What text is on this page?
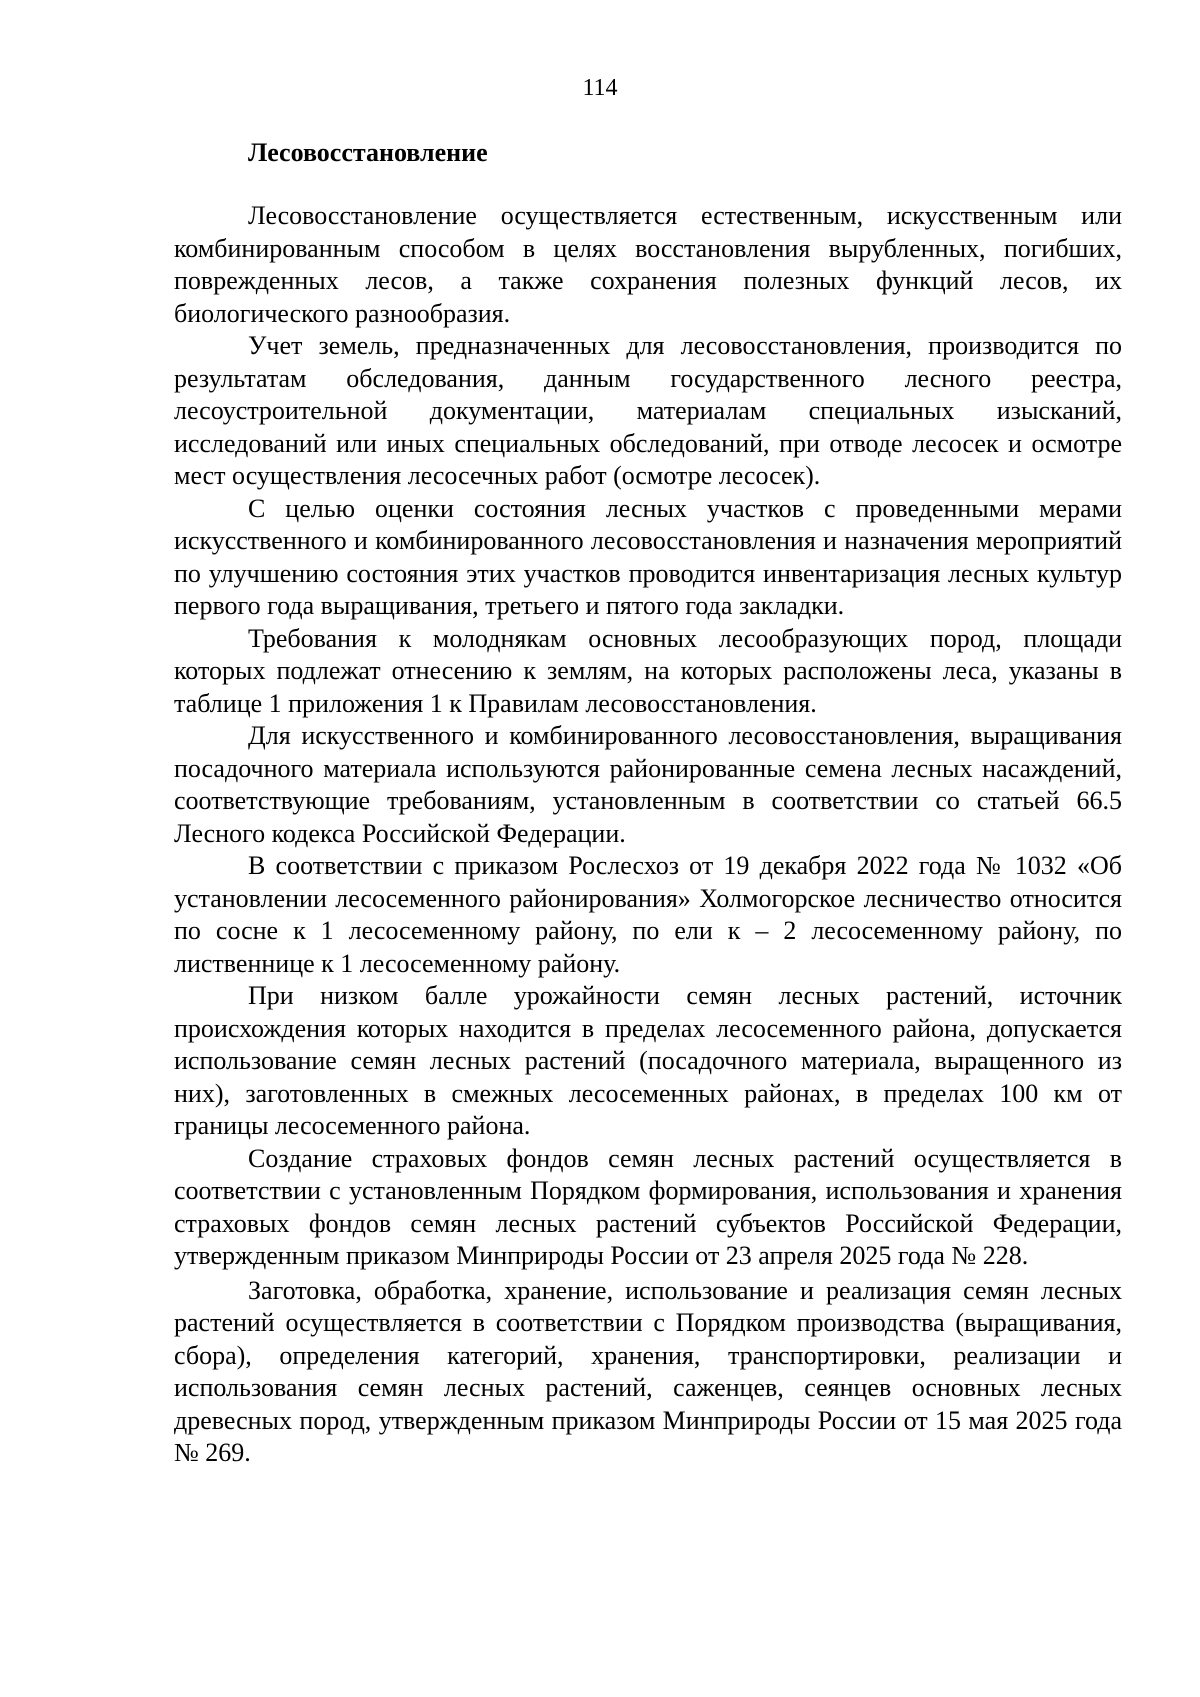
114
Лесовосстановление

Лесовосстановление осуществляется естественным, искусственным или комбинированным способом в целях восстановления вырубленных, погибших, поврежденных лесов, а также сохранения полезных функций лесов, их биологического разнообразия.

Учет земель, предназначенных для лесовосстановления, производится по результатам обследования, данным государственного лесного реестра, лесоустроительной документации, материалам специальных изысканий, исследований или иных специальных обследований, при отводе лесосек и осмотре мест осуществления лесосечных работ (осмотре лесосек).

С целью оценки состояния лесных участков с проведенными мерами искусственного и комбинированного лесовосстановления и назначения мероприятий по улучшению состояния этих участков проводится инвентаризация лесных культур первого года выращивания, третьего и пятого года закладки.

Требования к молоднякам основных лесообразующих пород, площади которых подлежат отнесению к землям, на которых расположены леса, указаны в таблице 1 приложения 1 к Правилам лесовосстановления.

Для искусственного и комбинированного лесовосстановления, выращивания посадочного материала используются районированные семена лесных насаждений, соответствующие требованиям, установленным в соответствии со статьей 66.5 Лесного кодекса Российской Федерации.

В соответствии с приказом Рослесхоз от 19 декабря 2022 года № 1032 «Об установлении лесосеменного районирования» Холмогорское лесничество относится по сосне к 1 лесосеменному району, по ели к – 2 лесосеменному району, по лиственнице к 1 лесосеменному району.

При низком балле урожайности семян лесных растений, источник происхождения которых находится в пределах лесосеменного района, допускается использование семян лесных растений (посадочного материала, выращенного из них), заготовленных в смежных лесосеменных районах, в пределах 100 км от границы лесосеменного района.

Создание страховых фондов семян лесных растений осуществляется в соответствии с установленным Порядком формирования, использования и хранения страховых фондов семян лесных растений субъектов Российской Федерации, утвержденным приказом Минприроды России от 23 апреля 2025 года № 228.

Заготовка, обработка, хранение, использование и реализация семян лесных растений осуществляется в соответствии с Порядком производства (выращивания, сбора), определения категорий, хранения, транспортировки, реализации и использования семян лесных растений, саженцев, сеянцев основных лесных древесных пород, утвержденным приказом Минприроды России от 15 мая 2025 года № 269.
